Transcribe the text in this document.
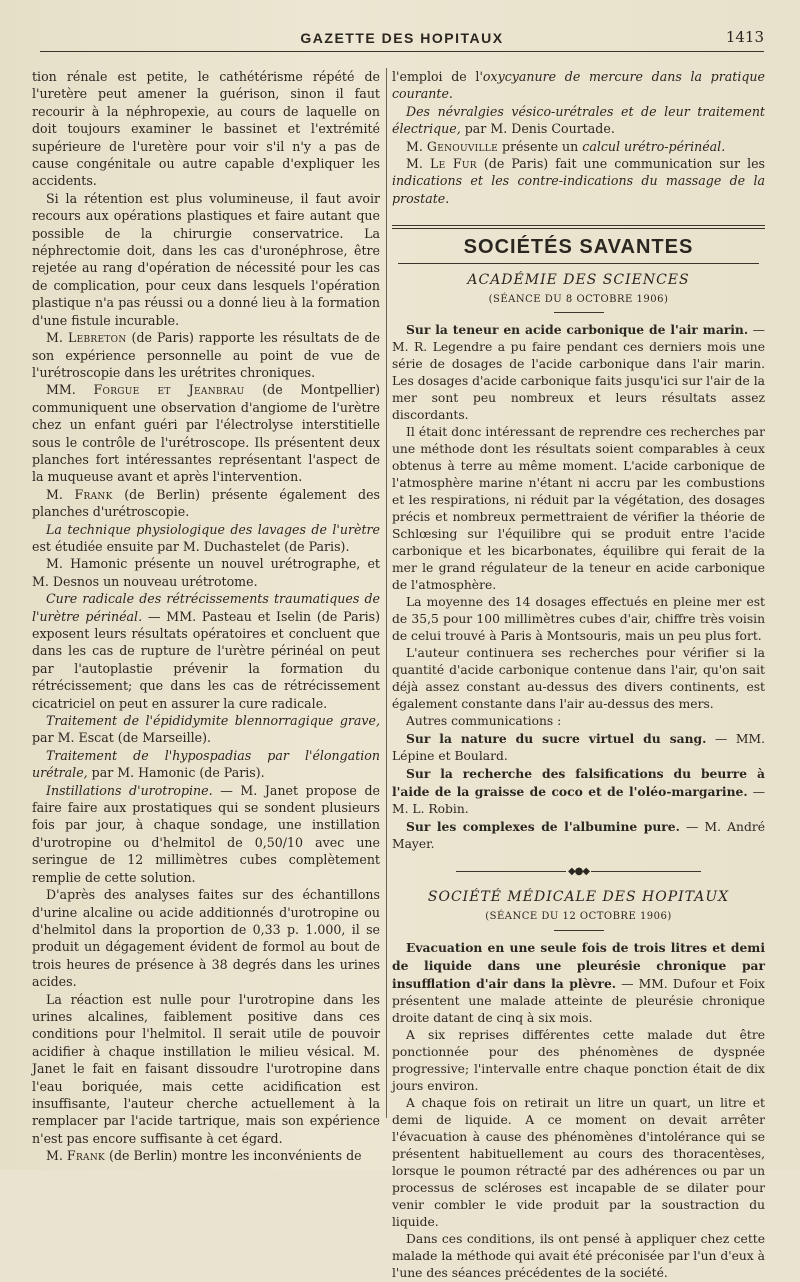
GAZETTE DES HOPITAUX	1413

tion rénale est petite, le cathétérisme répété de l'uretère peut amener la guérison, sinon il faut recourir à la néphropexie, au cours de laquelle on doit toujours examiner le bassinet et l'extrémité supérieure de l'uretère pour voir s'il n'y a pas de cause congénitale ou autre capable d'expliquer les accidents.

Si la rétention est plus volumineuse, il faut avoir recours aux opérations plastiques et faire autant que possible de la chirurgie conservatrice. La néphrectomie doit, dans les cas d'uronéphrose, être rejetée au rang d'opération de nécessité pour les cas de complication, pour ceux dans lesquels l'opération plastique n'a pas réussi ou a donné lieu à la formation d'une fistule incurable.

M. Lebreton (de Paris) rapporte les résultats de de son expérience personnelle au point de vue de l'urétroscopie dans les urétrites chroniques.

MM. Forgue et Jeanbrau (de Montpellier) communiquent une observation d'angiome de l'urètre chez un enfant guéri par l'électrolyse interstitielle sous le contrôle de l'urétroscope. Ils présentent deux planches fort intéressantes représentant l'aspect de la muqueuse avant et après l'intervention.

M. Frank (de Berlin) présente également des planches d'urétroscopie.

La technique physiologique des lavages de l'urètre est étudiée ensuite par M. Duchastelet (de Paris).

M. Hamonic présente un nouvel urétrographe, et M. Desnos un nouveau urétrotome.

Cure radicale des rétrécissements traumatiques de l'urètre périnéal. — MM. Pasteau et Iselin (de Paris) exposent leurs résultats opératoires et concluent que dans les cas de rupture de l'urètre périnéal on peut par l'autoplastie prévenir la formation du rétrécissement; que dans les cas de rétrécissement cicatriciel on peut en assurer la cure radicale.

Traitement de l'épididymite blennorragique grave, par M. Escat (de Marseille).

Traitement de l'hypospadias par l'élongation urétrale, par M. Hamonic (de Paris).

Instillations d'urotropine. — M. Janet propose de faire faire aux prostatiques qui se sondent plusieurs fois par jour, à chaque sondage, une instillation d'urotropine ou d'helmitol de 0,50/10 avec une seringue de 12 millimètres cubes complètement remplie de cette solution.

D'après des analyses faites sur des échantillons d'urine alcaline ou acide additionnés d'urotropine ou d'helmitol dans la proportion de 0,33 p. 1.000, il se produit un dégagement évident de formol au bout de trois heures de présence à 38 degrés dans les urines acides.

La réaction est nulle pour l'urotropine dans les urines alcalines, faiblement positive dans ces conditions pour l'helmitol. Il serait utile de pouvoir acidifier à chaque instillation le milieu vésical. M. Janet le fait en faisant dissoudre l'urotropine dans l'eau boriquée, mais cette acidification est insuffisante, l'auteur cherche actuellement à la remplacer par l'acide tartrique, mais son expérience n'est pas encore suffisante à cet égard.

M. Frank (de Berlin) montre les inconvénients de

l'emploi de l'oxycyanure de mercure dans la pratique courante.

Des névralgies vésico-urétrales et de leur traitement électrique, par M. Denis Courtade.

M. Genouville présente un calcul urétro-périnéal.

M. Le Fur (de Paris) fait une communication sur les indications et les contre-indications du massage de la prostate.

SOCIÉTÉS SAVANTES
ACADÉMIE DES SCIENCES
(SÉANCE DU 8 OCTOBRE 1906)

Sur la teneur en acide carbonique de l'air marin. — M. R. Legendre a pu faire pendant ces derniers mois une série de dosages de l'acide carbonique dans l'air marin. Les dosages d'acide carbonique faits jusqu'ici sur l'air de la mer sont peu nombreux et leurs résultats assez discordants.

Il était donc intéressant de reprendre ces recherches par une méthode dont les résultats soient comparables à ceux obtenus à terre au même moment. L'acide carbonique de l'atmosphère marine n'étant ni accru par les combustions et les respirations, ni réduit par la végétation, des dosages précis et nombreux permettraient de vérifier la théorie de Schlœsing sur l'équilibre qui se produit entre l'acide carbonique et les bicarbonates, équilibre qui ferait de la mer le grand régulateur de la teneur en acide carbonique de l'atmosphère.

La moyenne des 14 dosages effectués en pleine mer est de 35,5 pour 100 millimètres cubes d'air, chiffre très voisin de celui trouvé à Paris à Montsouris, mais un peu plus fort.

L'auteur continuera ses recherches pour vérifier si la quantité d'acide carbonique contenue dans l'air, qu'on sait déjà assez constant au-dessus des divers continents, est également constante dans l'air au-dessus des mers.

Autres communications :

Sur la nature du sucre virtuel du sang. — MM. Lépine et Boulard.

Sur la recherche des falsifications du beurre à l'aide de la graisse de coco et de l'oléo-margarine. — M. L. Robin.

Sur les complexes de l'albumine pure. — M. André Mayer.

◆●◆
SOCIÉTÉ MÉDICALE DES HOPITAUX
(SÉANCE DU 12 OCTOBRE 1906)

Evacuation en une seule fois de trois litres et demi de liquide dans une pleurésie chronique par insufflation d'air dans la plèvre. — MM. Dufour et Foix présentent une malade atteinte de pleurésie chronique droite datant de cinq à six mois.

A six reprises différentes cette malade dut être ponctionnée pour des phénomènes de dyspnée progressive; l'intervalle entre chaque ponction était de dix jours environ.

A chaque fois on retirait un litre un quart, un litre et demi de liquide. A ce moment on devait arrêter l'évacuation à cause des phénomènes d'intolérance qui se présentent habituellement au cours des thoracentèses, lorsque le poumon rétracté par des adhérences ou par un processus de scléroses est incapable de se dilater pour venir combler le vide produit par la soustraction du liquide.

Dans ces conditions, ils ont pensé à appliquer chez cette malade la méthode qui avait été préconisée par l'un d'eux à l'une des séances précédentes de la société.
